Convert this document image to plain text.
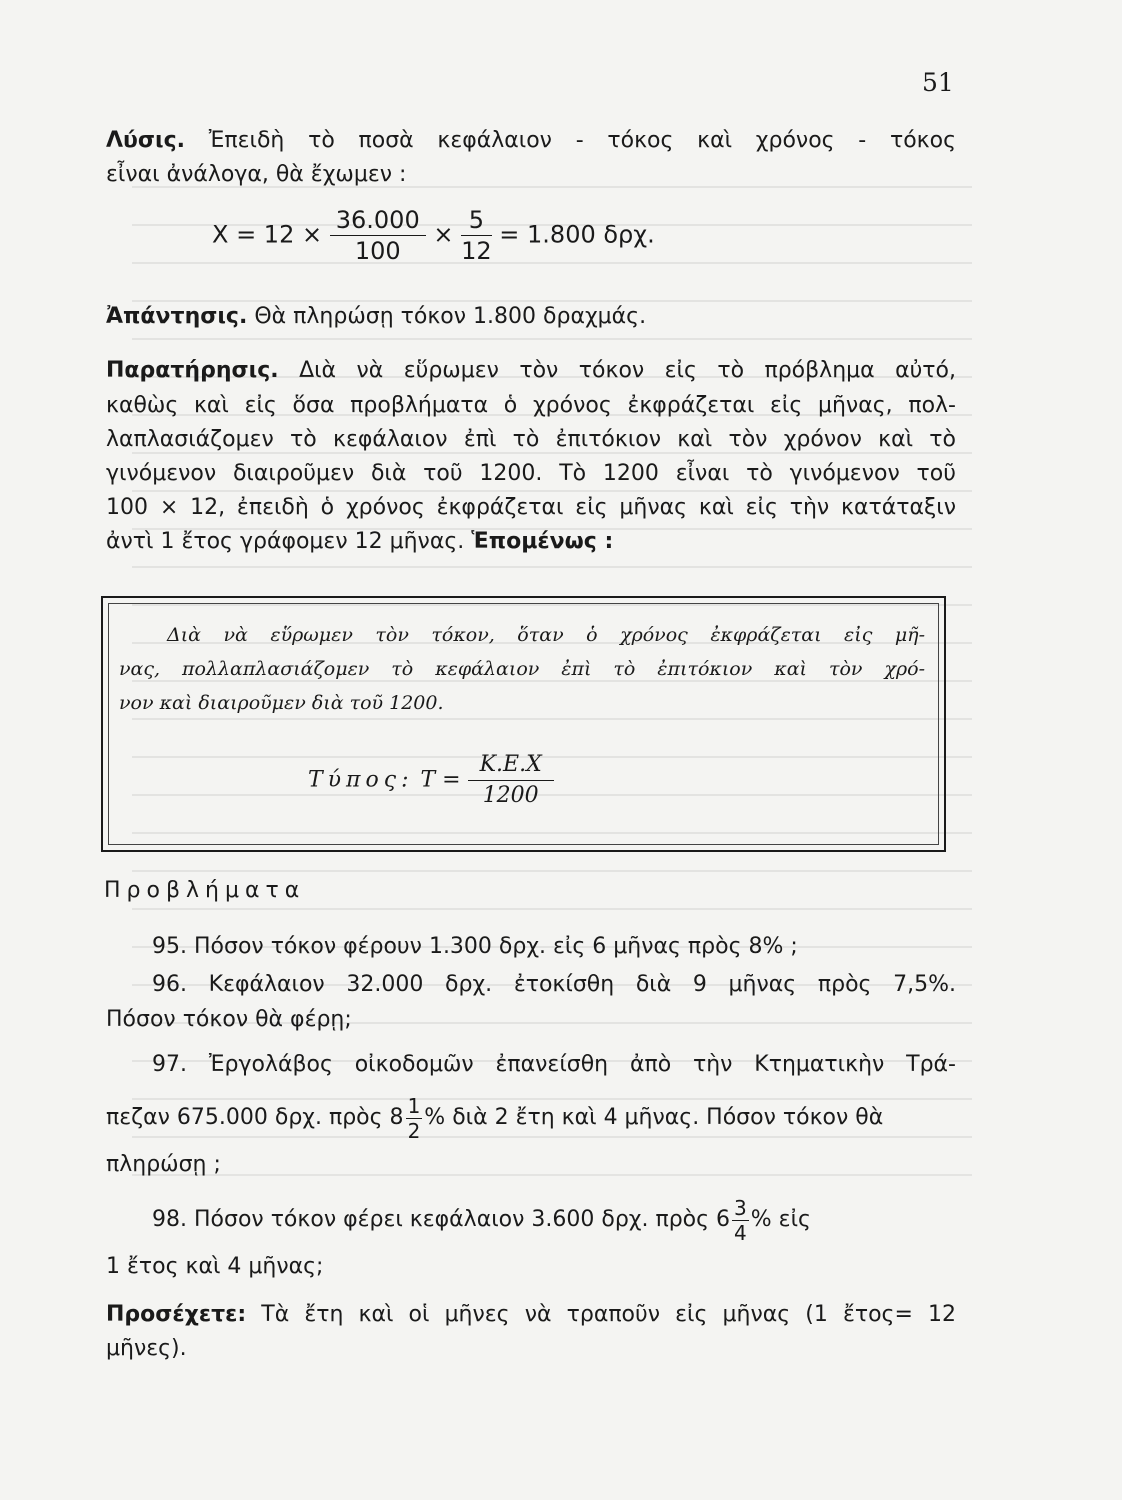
51
Λύσις. Ἐπειδὴ τὸ ποσὰ κεφάλαιον - τόκος καὶ χρόνος - τόκος
εἶναι ἀνάλογα, θὰ ἔχωμεν :
$X = 12 \times \frac{36.000}{100} \times \frac{5}{12} = 1.800$ δρχ.
Ἀπάντησις. Θὰ πληρώσῃ τόκον 1.800 δραχμάς.
Παρατήρησις. Διὰ νὰ εὕρωμεν τὸν τόκον εἰς τὸ πρόβλημα αὐτό,
καθὼς καὶ εἰς ὅσα προβλήματα ὁ χρόνος ἐκφράζεται εἰς μῆνας, πολ-
λαπλασιάζομεν τὸ κεφάλαιον ἐπὶ τὸ ἐπιτόκιον καὶ τὸν χρόνον καὶ τὸ
γινόμενον διαιροῦμεν διὰ τοῦ 1200. Τὸ 1200 εἶναι τὸ γινόμενον τοῦ
100 × 12, ἐπειδὴ ὁ χρόνος ἐκφράζεται εἰς μῆνας καὶ εἰς τὴν κατάταξιν
ἀντὶ 1 ἔτος γράφομεν 12 μῆνας. Ἑπομένως :
Διὰ νὰ εὕρωμεν τὸν τόκον, ὅταν ὁ χρόνος ἐκφράζεται εἰς μῆ-
νας, πολλαπλασιάζομεν τὸ κεφάλαιον ἐπὶ τὸ ἐπιτόκιον καὶ τὸν χρό-
νον καὶ διαιροῦμεν διὰ τοῦ 1200.
Τύπος: $T = \frac{K.E.X}{1200}$
Προβλήματα
95. Πόσον τόκον φέρουν 1.300 δρχ. εἰς 6 μῆνας πρὸς 8% ;
96. Κεφάλαιον 32.000 δρχ. ἐτοκίσθη διὰ 9 μῆνας πρὸς 7,5%.
Πόσον τόκον θὰ φέρῃ;
97. Ἐργολάβος οἰκοδομῶν ἐπανείσθη ἀπὸ τὴν Κτηματικὴν Τρά-
πεζαν 675.000 δρχ. πρὸς $8 \frac{1}{2}$ % διὰ 2 ἔτη καὶ 4 μῆνας. Πόσον τόκον θὰ
πληρώσῃ ;
98. Πόσον τόκον φέρει κεφάλαιον 3.600 δρχ. πρὸς $6 \frac{3}{4}$ % εἰς
1 ἔτος καὶ 4 μῆνας;
Προσέχετε: Τὰ ἔτη καὶ οἱ μῆνες νὰ τραποῦν εἰς μῆνας (1 ἔτος= 12
μῆνες).
